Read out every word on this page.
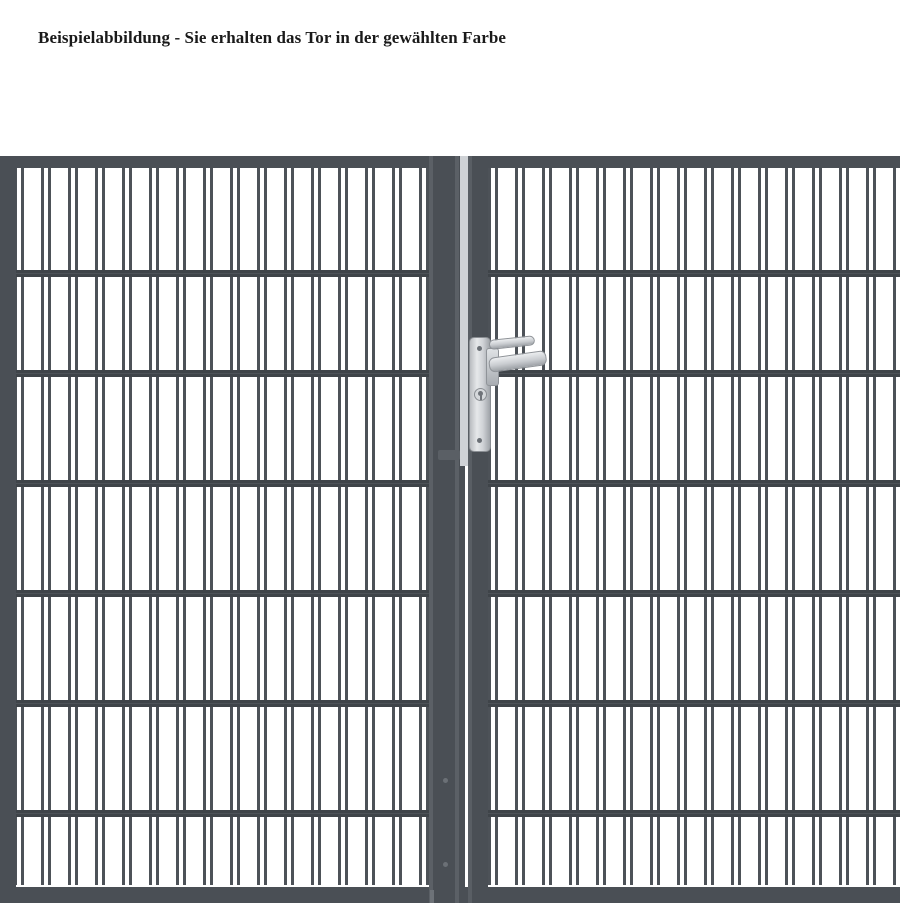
Beispielabbildung - Sie erhalten das Tor in der gewählten Farbe
